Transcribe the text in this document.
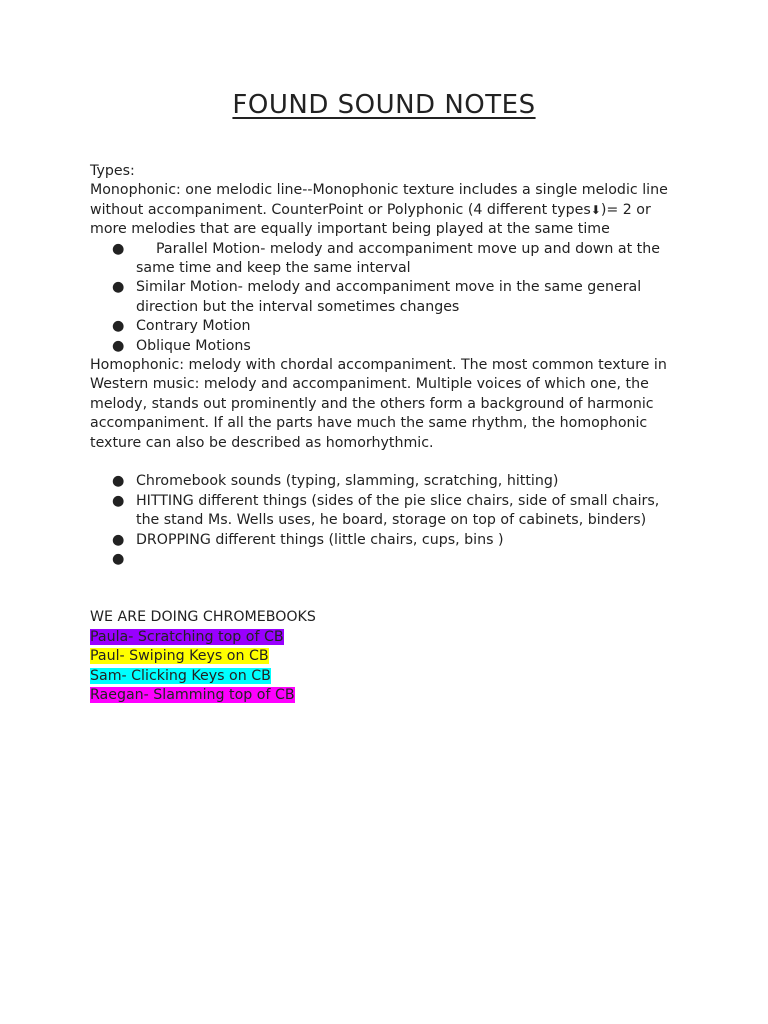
FOUND SOUND NOTES

Types:

Monophonic: one melodic line--Monophonic texture includes a single melodic line without accompaniment. CounterPoint or Polyphonic (4 different types⬇)= 2 or more melodies that are equally important being played at the same time

● Parallel Motion- melody and accompaniment move up and down at the same time and keep the same interval
● Similar Motion- melody and accompaniment move in the same general direction but the interval sometimes changes
● Contrary Motion
● Oblique Motions

Homophonic: melody with chordal accompaniment. The most common texture in Western music: melody and accompaniment. Multiple voices of which one, the melody, stands out prominently and the others form a background of harmonic accompaniment. If all the parts have much the same rhythm, the homophonic texture can also be described as homorhythmic.

● Chromebook sounds (typing, slamming, scratching, hitting)
● HITTING different things (sides of the pie slice chairs, side of small chairs, the stand Ms. Wells uses, he board, storage on top of cabinets, binders)
● DROPPING different things (little chairs, cups, bins )
●

WE ARE DOING CHROMEBOOKS

Paula- Scratching top of CB
Paul- Swiping Keys on CB
Sam- Clicking Keys on CB
Raegan- Slamming top of CB
